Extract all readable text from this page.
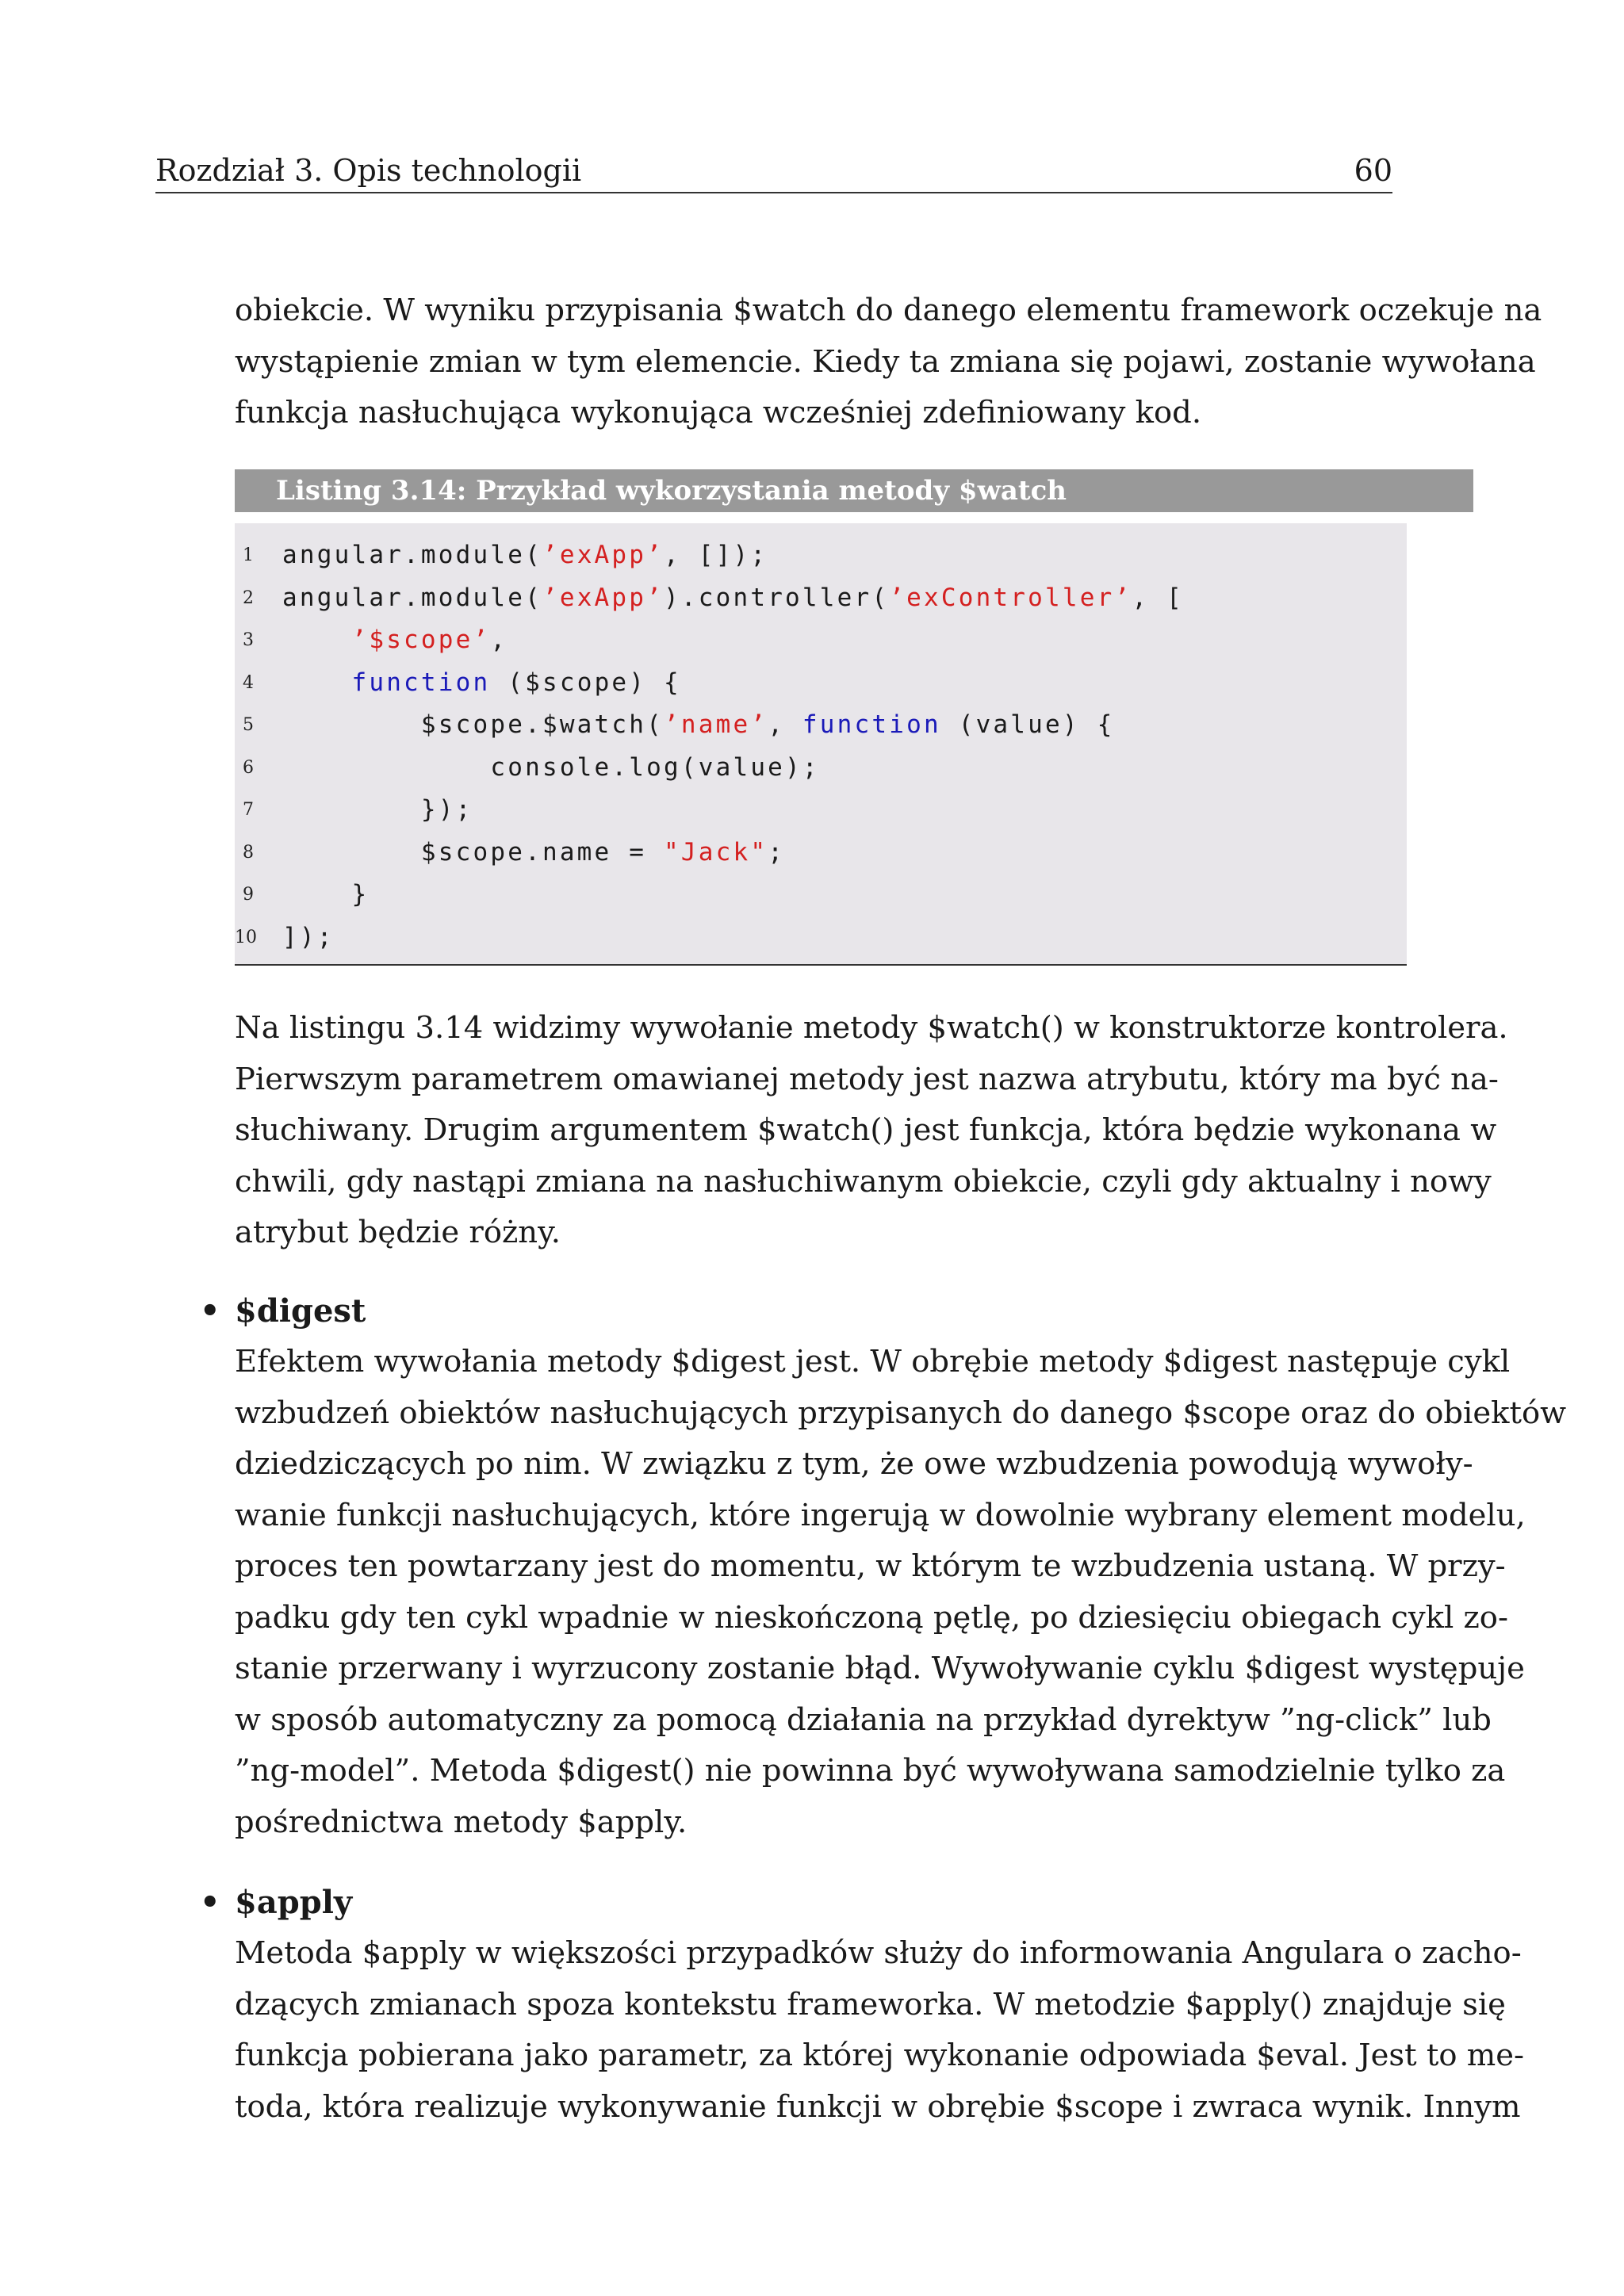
Rozdział 3. Opis technologii	60
obiekcie. W wyniku przypisania $watch do danego elementu framework oczekuje na
wystąpienie zmian w tym elemencie. Kiedy ta zmiana się pojawi, zostanie wywołana
funkcja nasłuchująca wykonująca wcześniej zdefiniowany kod.
Listing 3.14: Przykład wykorzystania metody $watch
1 angular.module(’exApp’, []);
2 angular.module(’exApp’).controller(’exController’, [
3	’$scope’,
4	function ($scope) {
5 $scope.$watch(’name’, function (value) {
6 console.log(value);
7 });
8 $scope.name = "Jack";
9 }
10 ]);
Na listingu 3.14 widzimy wywołanie metody $watch() w konstruktorze kontrolera.
Pierwszym parametrem omawianej metody jest nazwa atrybutu, który ma być na-
słuchiwany. Drugim argumentem $watch() jest funkcja, która będzie wykonana w
chwili, gdy nastąpi zmiana na nasłuchiwanym obiekcie, czyli gdy aktualny i nowy
atrybut będzie różny.
• $digest
Efektem wywołania metody $digest jest. W obrębie metody $digest następuje cykl
wzbudzeń obiektów nasłuchujących przypisanych do danego $scope oraz do obiektów
dziedziczących po nim. W związku z tym, że owe wzbudzenia powodują wywoły-
wanie funkcji nasłuchujących, które ingerują w dowolnie wybrany element modelu,
proces ten powtarzany jest do momentu, w którym te wzbudzenia ustaną. W przy-
padku gdy ten cykl wpadnie w nieskończoną pętlę, po dziesięciu obiegach cykl zo-
stanie przerwany i wyrzucony zostanie błąd. Wywoływanie cyklu $digest występuje
w sposób automatyczny za pomocą działania na przykład dyrektyw ”ng-click” lub
”ng-model”. Metoda $digest() nie powinna być wywoływana samodzielnie tylko za
pośrednictwa metody $apply.
• $apply
Metoda $apply w większości przypadków służy do informowania Angulara o zacho-
dzących zmianach spoza kontekstu frameworka. W metodzie $apply() znajduje się
funkcja pobierana jako parametr, za której wykonanie odpowiada $eval. Jest to me-
toda, która realizuje wykonywanie funkcji w obrębie $scope i zwraca wynik. Innym
